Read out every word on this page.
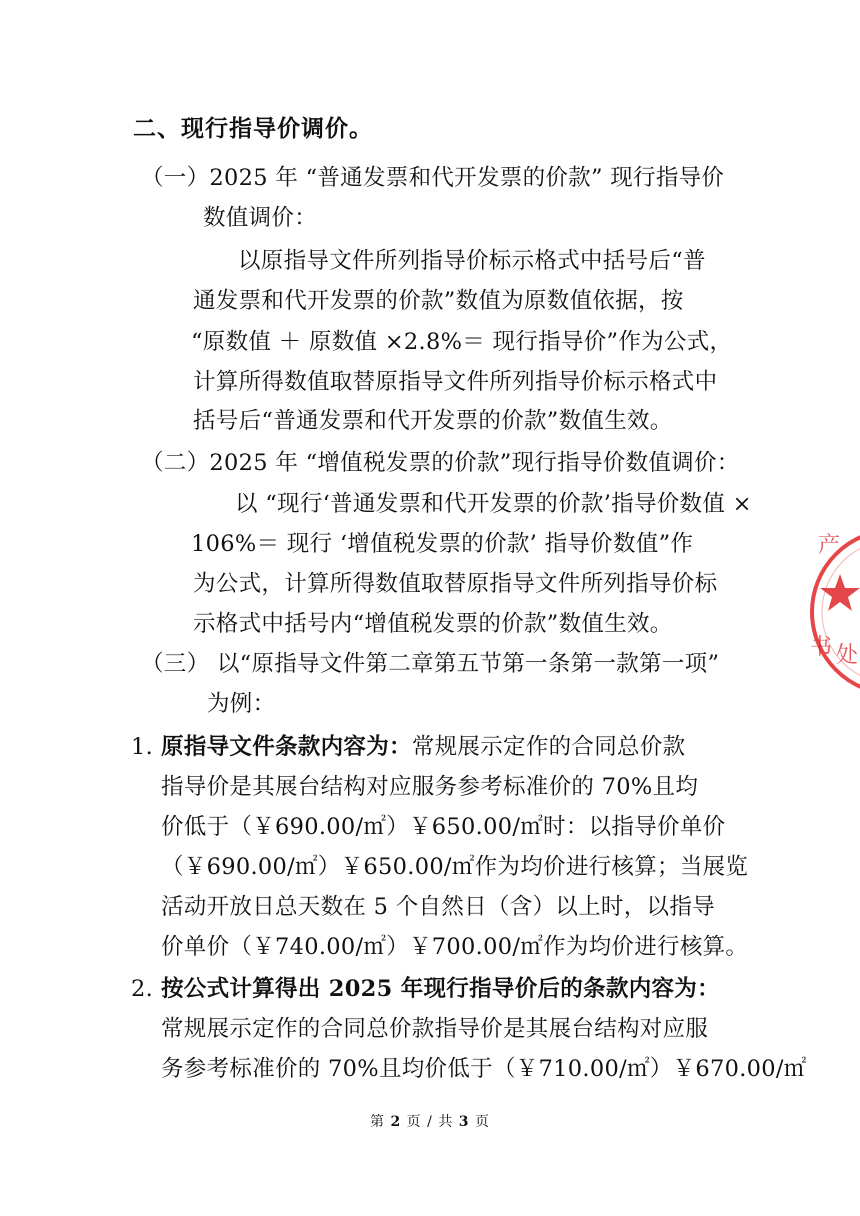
二、现行指导价调价。
（一）2025 年 “普通发票和代开发票的价款” 现行指导价
数值调价：
以原指导文件所列指导价标示格式中括号后“普
通发票和代开发票的价款”数值为原数值依据，按
“原数值 ＋ 原数值 ×2.8%＝ 现行指导价”作为公式，
计算所得数值取替原指导文件所列指导价标示格式中
括号后“普通发票和代开发票的价款”数值生效。
（二）2025 年 “增值税发票的价款”现行指导价数值调价：
以 “现行‘普通发票和代开发票的价款’指导价数值 ×
106%＝ 现行 ‘增值税发票的价款’ 指导价数值”作
为公式，计算所得数值取替原指导文件所列指导价标
示格式中括号内“增值税发票的价款”数值生效。
（三） 以“原指导文件第二章第五节第一条第一款第一项”
为例：
1. 原指导文件条款内容为：常规展示定作的合同总价款
指导价是其展台结构对应服务参考标准价的 70%且均
价低于（￥690.00/㎡）￥650.00/㎡时：以指导价单价
（￥690.00/㎡）￥650.00/㎡作为均价进行核算；当展览
活动开放日总天数在 5 个自然日（含）以上时，以指导
价单价（￥740.00/㎡）￥700.00/㎡作为均价进行核算。
2. 按公式计算得出 2025 年现行指导价后的条款内容为：
常规展示定作的合同总价款指导价是其展台结构对应服
务参考标准价的 70%且均价低于（￥710.00/㎡）￥670.00/㎡
第 2 页 / 共 3 页
产
书 处
